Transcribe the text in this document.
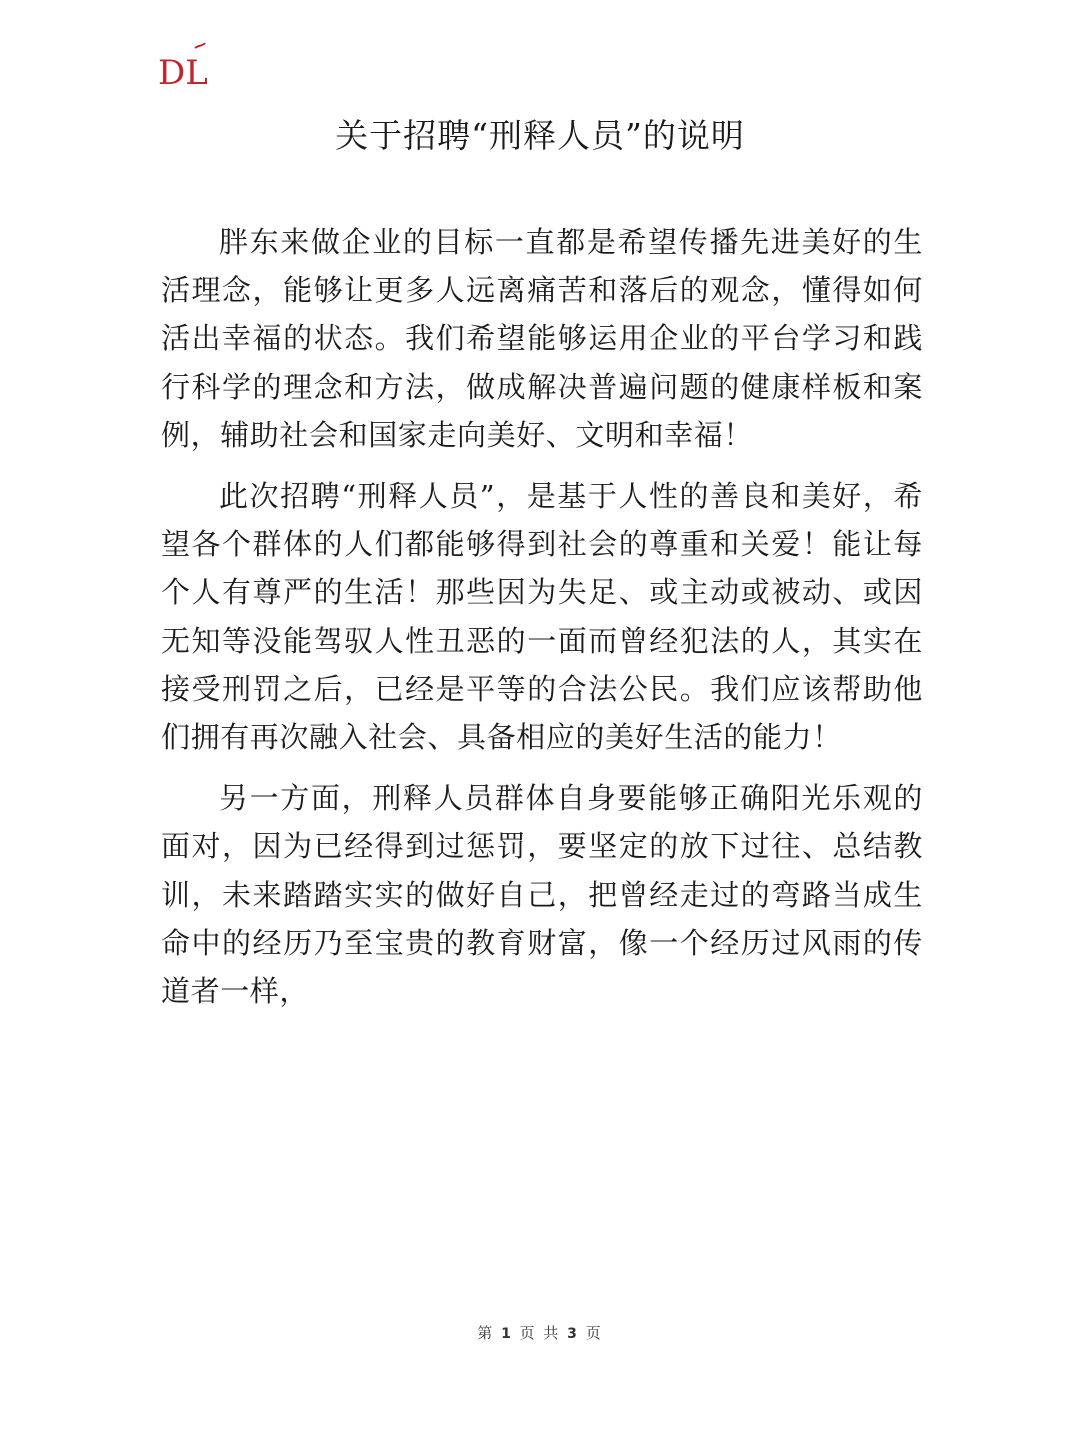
DL
关于招聘“刑释人员”的说明

胖东来做企业的目标一直都是希望传播先进美好的生活理念，能够让更多人远离痛苦和落后的观念，懂得如何活出幸福的状态。我们希望能够运用企业的平台学习和践行科学的理念和方法，做成解决普遍问题的健康样板和案例，辅助社会和国家走向美好、文明和幸福！

此次招聘“刑释人员”，是基于人性的善良和美好，希望各个群体的人们都能够得到社会的尊重和关爱！能让每个人有尊严的生活！那些因为失足、或主动或被动、或因无知等没能驾驭人性丑恶的一面而曾经犯法的人，其实在接受刑罚之后，已经是平等的合法公民。我们应该帮助他们拥有再次融入社会、具备相应的美好生活的能力！

另一方面，刑释人员群体自身要能够正确阳光乐观的面对，因为已经得到过惩罚，要坚定的放下过往、总结教训，未来踏踏实实的做好自己，把曾经走过的弯路当成生命中的经历乃至宝贵的教育财富，像一个经历过风雨的传道者一样，

第 1 页 共 3 页
